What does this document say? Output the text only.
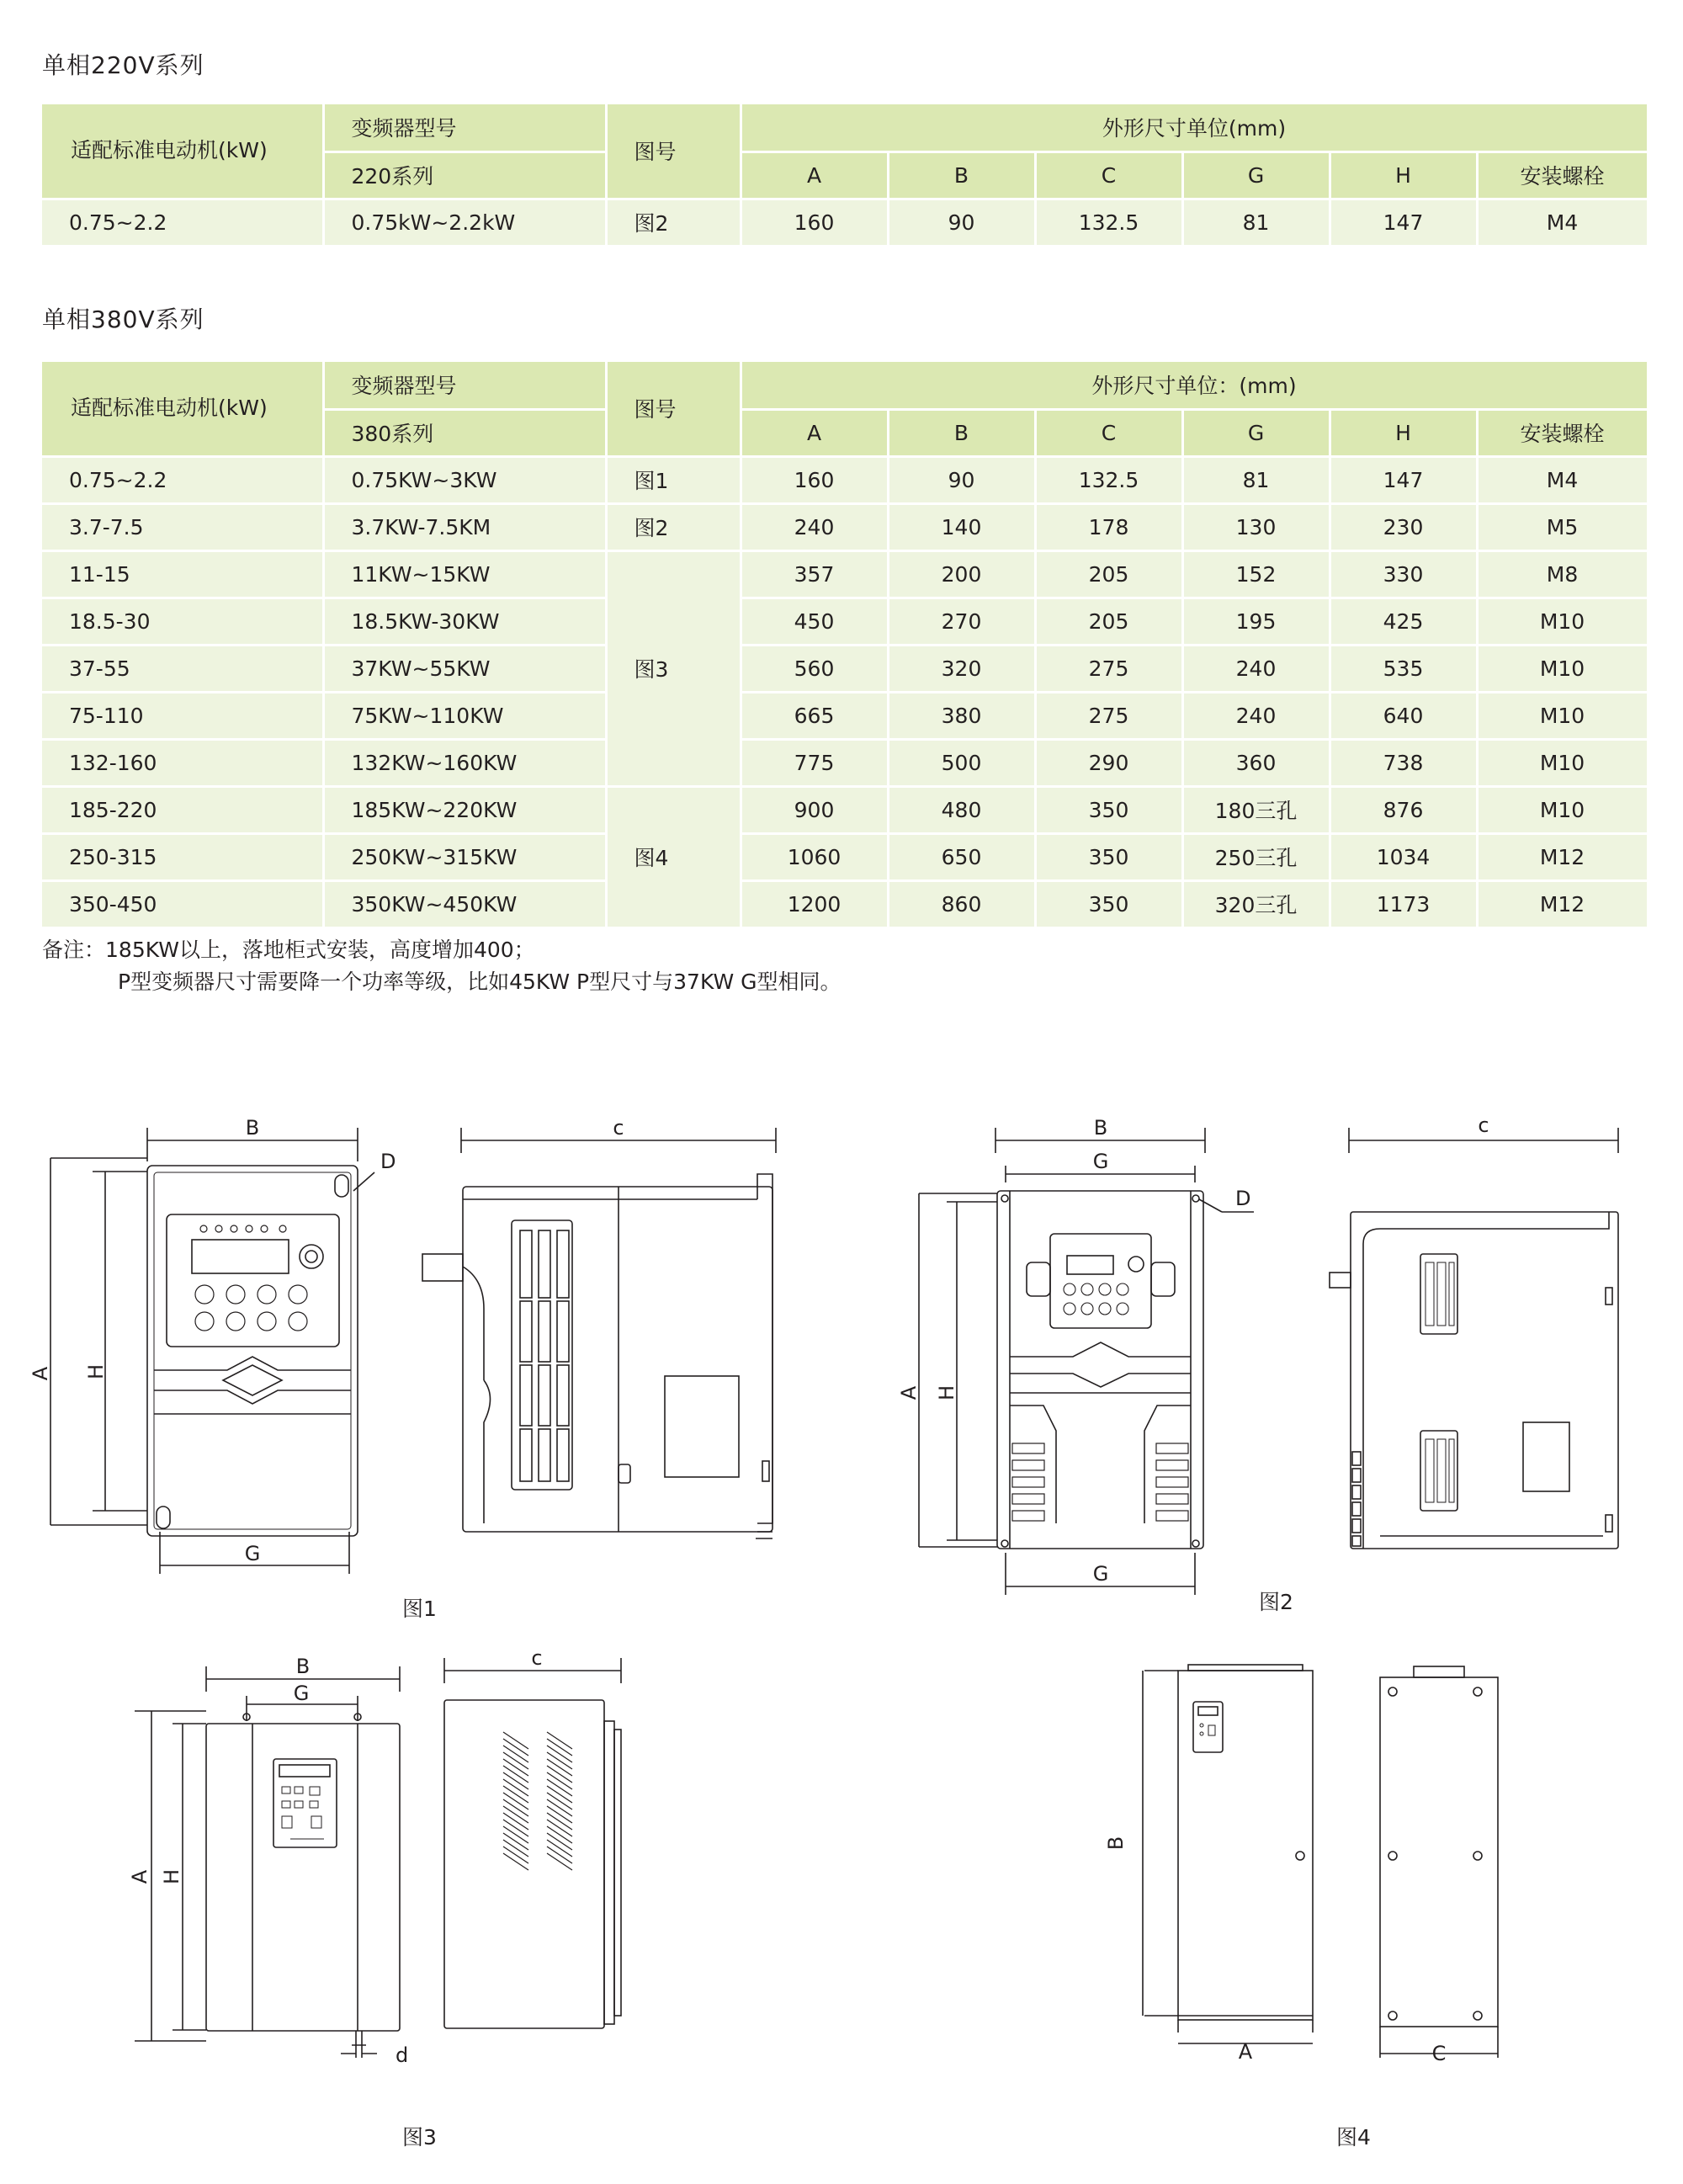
单相220V系列
适配标准电动机(kW)	变频器型号	图号	外形尺寸单位(mm)					
	220系列		A	B	C	G	H	安装螺栓
0.75~2.2	0.75kW~2.2kW	图2	160	90	132.5	81	147	M4
单相380V系列
适配标准电动机(kW)	变频器型号	图号	外形尺寸单位：(mm)					
	380系列		A	B	C	G	H	安装螺栓
0.75~2.2	0.75KW~3KW	图1	160	90	132.5	81	147	M4
3.7-7.5	3.7KW-7.5KM	图2	240	140	178	130	230	M5
11-15	11KW~15KW	图3	357	200	205	152	330	M8
18.5-30	18.5KW-30KW		450	270	205	195	425	M10
37-55	37KW~55KW		560	320	275	240	535	M10
75-110	75KW~110KW		665	380	275	240	640	M10
132-160	132KW~160KW		775	500	290	360	738	M10
185-220	185KW~220KW	图4	900	480	350	180三孔	876	M10
250-315	250KW~315KW		1060	650	350	250三孔	1034	M12
350-450	350KW~450KW		1200	860	350	320三孔	1173	M12
备注：185KW以上，落地柜式安装，高度增加400；
P型变频器尺寸需要降一个功率等级，比如45KW P型尺寸与37KW G型相同。
B
D
A H
G
c	B
G
D
A H
G
c
B
G
A H
d
c
B
A	C
图1	图2
图3	图4
